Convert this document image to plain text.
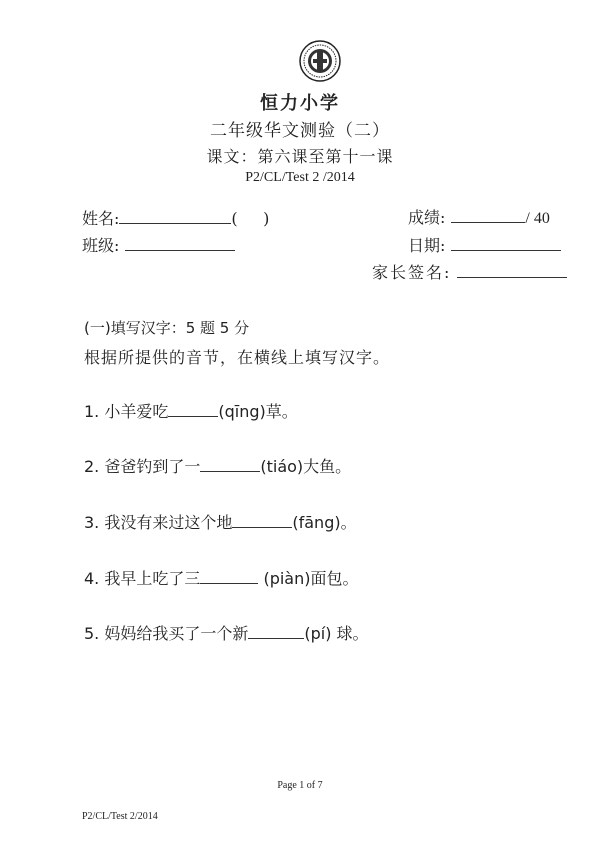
恒力小学
二年级华文测验（二）
课文：第六课至第十一课
P2/CL/Test 2 /2014
姓名:	(     )
班级:
成绩:	/ 40
日期:
家长签名:
(一)填写汉字：5 题 5 分
根据所提供的音节，在横线上填写汉字。
1. 小羊爱吃	(qīng)草。
2. 爸爸钓到了一	(tiáo)大鱼。
3. 我没有来过这个地	(fāng)。
4. 我早上吃了三	(piàn)面包。
5. 妈妈给我买了一个新	(pí) 球。
Page 1 of 7
P2/CL/Test 2/2014
